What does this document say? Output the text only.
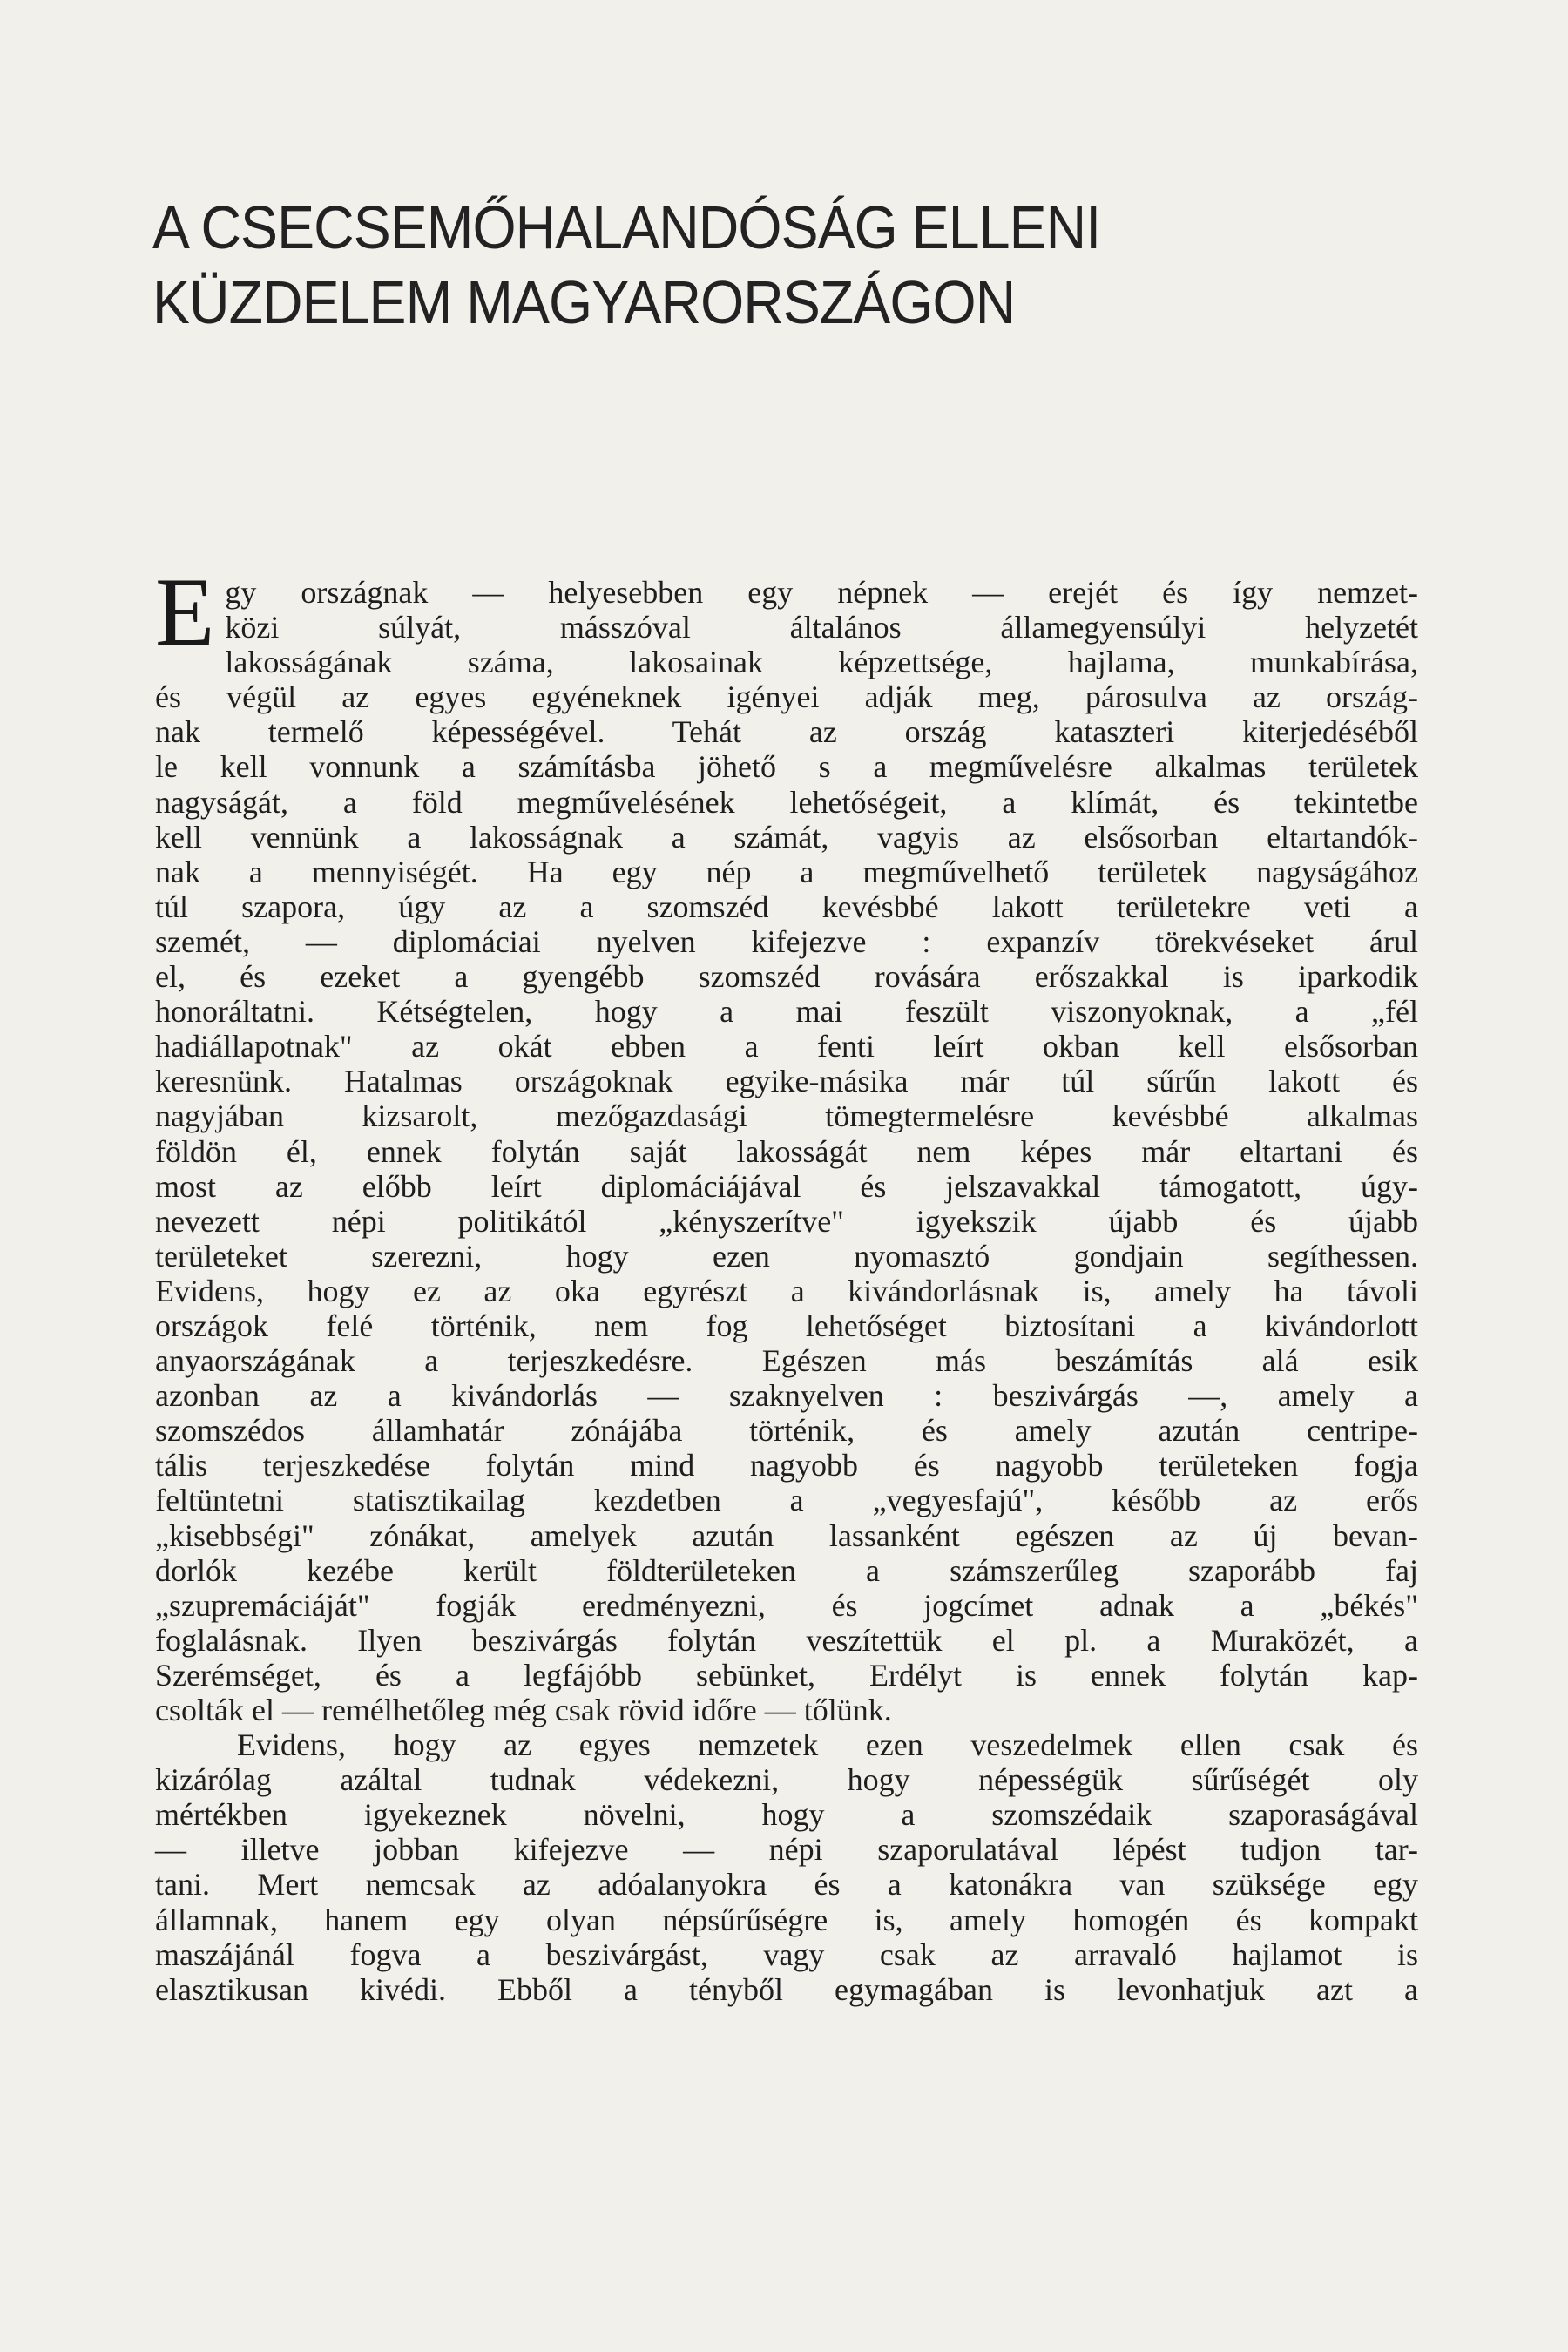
A CSECSEMŐHALANDÓSÁG ELLENI
KÜZDELEM MAGYARORSZÁGON

E gy országnak — helyesebben egy népnek — erejét és így nemzet-
közi súlyát, másszóval általános államegyensúlyi helyzetét
lakosságának száma, lakosainak képzettsége, hajlama, munkabírása,
és végül az egyes egyéneknek igényei adják meg, párosulva az ország-
nak termelő képességével. Tehát az ország kataszteri kiterjedéséből
le kell vonnunk a számításba jöhető s a megművelésre alkalmas területek
nagyságát, a föld megművelésének lehetőségeit, a klímát, és tekintetbe
kell vennünk a lakosságnak a számát, vagyis az elsősorban eltartandók-
nak a mennyiségét. Ha egy nép a megművelhető területek nagyságához
túl szapora, úgy az a szomszéd kevésbbé lakott területekre veti a
szemét, — diplomáciai nyelven kifejezve : expanzív törekvéseket árul
el, és ezeket a gyengébb szomszéd rovására erőszakkal is iparkodik
honoráltatni. Kétségtelen, hogy a mai feszült viszonyoknak, a „fél
hadiállapotnak" az okát ebben a fenti leírt okban kell elsősorban
keresnünk. Hatalmas országoknak egyike-másika már túl sűrűn lakott és
nagyjában kizsarolt, mezőgazdasági tömegtermelésre kevésbbé alkalmas
földön él, ennek folytán saját lakosságát nem képes már eltartani és
most az előbb leírt diplomáciájával és jelszavakkal támogatott, úgy-
nevezett népi politikától „kényszerítve" igyekszik újabb és újabb
területeket szerezni, hogy ezen nyomasztó gondjain segíthessen.
Evidens, hogy ez az oka egyrészt a kivándorlásnak is, amely ha távoli
országok felé történik, nem fog lehetőséget biztosítani a kivándorlott
anyaországának a terjeszkedésre. Egészen más beszámítás alá esik
azonban az a kivándorlás — szaknyelven : beszivárgás —, amely a
szomszédos államhatár zónájába történik, és amely azután centripe-
tális terjeszkedése folytán mind nagyobb és nagyobb területeken fogja
feltüntetni statisztikailag kezdetben a „vegyesfajú", később az erős
„kisebbségi" zónákat, amelyek azután lassanként egészen az új bevan-
dorlók kezébe került földterületeken a számszerűleg szaporább faj
„szupremáciáját" fogják eredményezni, és jogcímet adnak a „békés"
foglalásnak. Ilyen beszivárgás folytán veszítettük el pl. a Muraközét, a
Szerémséget, és a legfájóbb sebünket, Erdélyt is ennek folytán kap-
csolták el — remélhetőleg még csak rövid időre — tőlünk.

Evidens, hogy az egyes nemzetek ezen veszedelmek ellen csak és
kizárólag azáltal tudnak védekezni, hogy népességük sűrűségét oly
mértékben igyekeznek növelni, hogy a szomszédaik szaporaságával
— illetve jobban kifejezve — népi szaporulatával lépést tudjon tar-
tani. Mert nemcsak az adóalanyokra és a katonákra van szüksége egy
államnak, hanem egy olyan népsűrűségre is, amely homogén és kompakt
maszájánál fogva a beszivárgást, vagy csak az arravaló hajlamot is
elasztikusan kivédi. Ebből a tényből egymagában is levonhatjuk azt a
